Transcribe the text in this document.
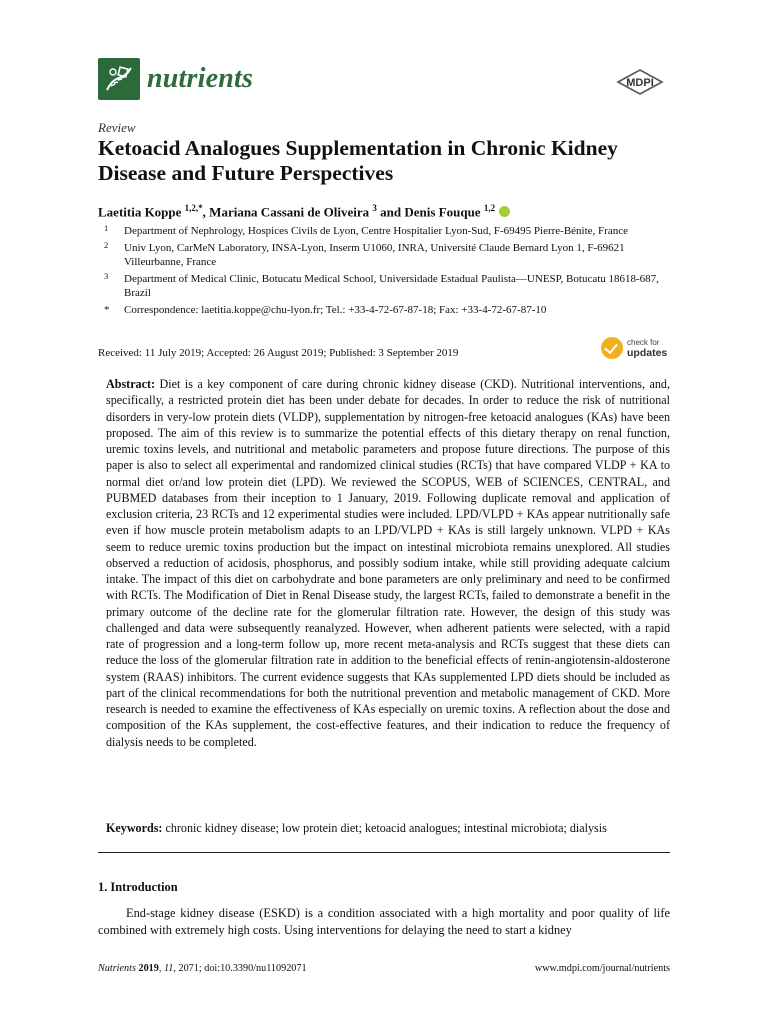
nutrients	MDPI
Review
Ketoacid Analogues Supplementation in Chronic Kidney Disease and Future Perspectives
Laetitia Koppe $^{1,2,*}$, Mariana Cassani de Oliveira $^3$ and Denis Fouque $^{1,2}$
1 Department of Nephrology, Hospices Civils de Lyon, Centre Hospitalier Lyon-Sud, F-69495 Pierre-Bénite, France
2 Univ Lyon, CarMeN Laboratory, INSA-Lyon, Inserm U1060, INRA, Université Claude Bernard Lyon 1, F-69621 Villeurbanne, France
3 Department of Medical Clinic, Botucatu Medical School, Universidade Estadual Paulista—UNESP, Botucatu 18618-687, Brazil
* Correspondence: laetitia.koppe@chu-lyon.fr; Tel.: +33-4-72-67-87-18; Fax: +33-4-72-67-87-10
Received: 11 July 2019; Accepted: 26 August 2019; Published: 3 September 2019
check for
updates

Abstract: Diet is a key component of care during chronic kidney disease (CKD). Nutritional interventions, and, specifically, a restricted protein diet has been under debate for decades. In order to reduce the risk of nutritional disorders in very-low protein diets (VLDP), supplementation by nitrogen-free ketoacid analogues (KAs) have been proposed. The aim of this review is to summarize the potential effects of this dietary therapy on renal function, uremic toxins levels, and nutritional and metabolic parameters and propose future directions. The purpose of this paper is also to select all experimental and randomized clinical studies (RCTs) that have compared VLDP + KA to normal diet or/and low protein diet (LPD). We reviewed the SCOPUS, WEB of SCIENCES, CENTRAL, and PUBMED databases from their inception to 1 January, 2019. Following duplicate removal and application of exclusion criteria, 23 RCTs and 12 experimental studies were included. LPD/VLPD + KAs appear nutritionally safe even if how muscle protein metabolism adapts to an LPD/VLPD + KAs is still largely unknown. VLPD + KAs seem to reduce uremic toxins production but the impact on intestinal microbiota remains unexplored. All studies observed a reduction of acidosis, phosphorus, and possibly sodium intake, while still providing adequate calcium intake. The impact of this diet on carbohydrate and bone parameters are only preliminary and need to be confirmed with RCTs. The Modification of Diet in Renal Disease study, the largest RCTs, failed to demonstrate a benefit in the primary outcome of the decline rate for the glomerular filtration rate. However, the design of this study was challenged and data were subsequently reanalyzed. However, when adherent patients were selected, with a rapid rate of progression and a long-term follow up, more recent meta-analysis and RCTs suggest that these diets can reduce the loss of the glomerular filtration rate in addition to the beneficial effects of renin-angiotensin-aldosterone system (RAAS) inhibitors. The current evidence suggests that KAs supplemented LPD diets should be included as part of the clinical recommendations for both the nutritional prevention and metabolic management of CKD. More research is needed to examine the effectiveness of KAs especially on uremic toxins. A reflection about the dose and composition of the KAs supplement, the cost-effective features, and their indication to reduce the frequency of dialysis needs to be completed.

Keywords: chronic kidney disease; low protein diet; ketoacid analogues; intestinal microbiota; dialysis

1. Introduction

End-stage kidney disease (ESKD) is a condition associated with a high mortality and poor quality of life combined with extremely high costs. Using interventions for delaying the need to start a kidney

Nutrients 2019, 11, 2071; doi:10.3390/nu11092071	www.mdpi.com/journal/nutrients
